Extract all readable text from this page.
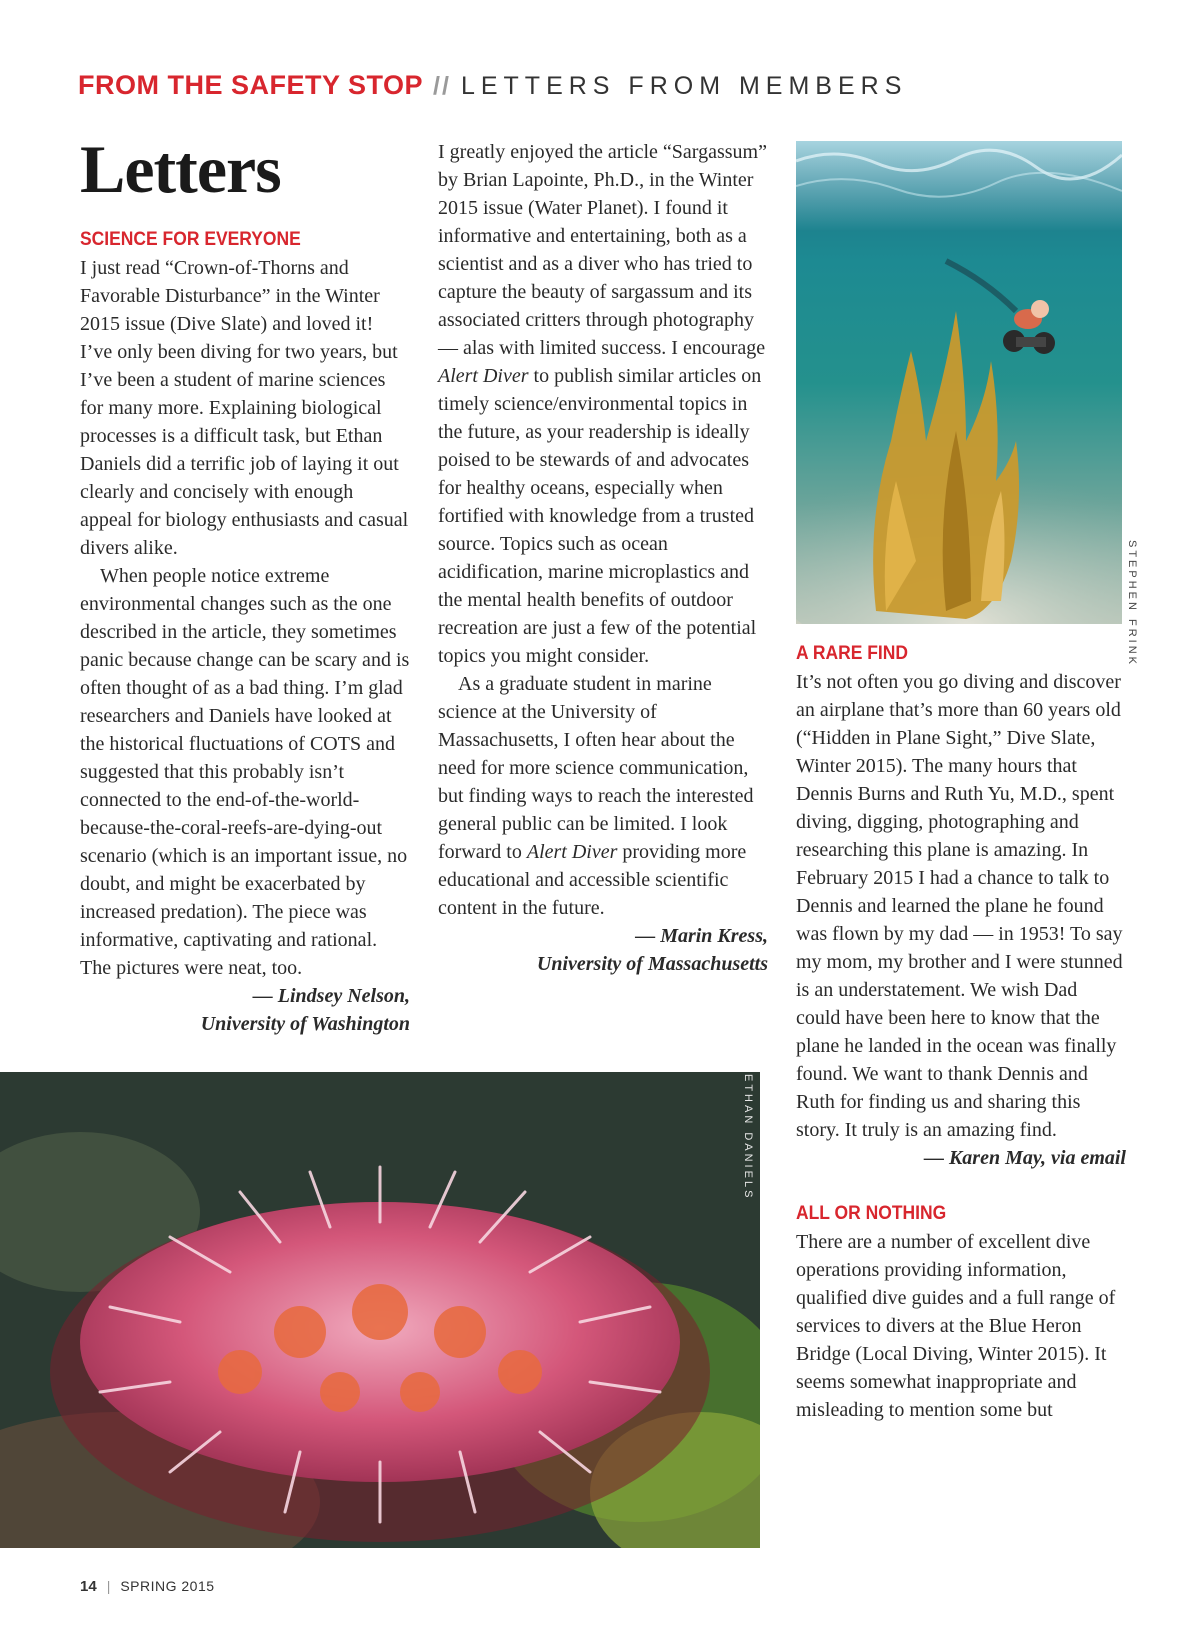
FROM THE SAFETY STOP // LETTERS FROM MEMBERS
Letters
SCIENCE FOR EVERYONE

I just read “Crown-of-Thorns and Favorable Disturbance” in the Winter 2015 issue (Dive Slate) and loved it! I’ve only been diving for two years, but I’ve been a student of marine sciences for many more. Explaining biological processes is a difficult task, but Ethan Daniels did a terrific job of laying it out clearly and concisely with enough appeal for biology enthusiasts and casual divers alike.

When people notice extreme environmental changes such as the one described in the article, they sometimes panic because change can be scary and is often thought of as a bad thing. I’m glad researchers and Daniels have looked at the historical fluctuations of COTS and suggested that this probably isn’t connected to the end-of-the-world-because-the-coral-reefs-are-dying-out scenario (which is an important issue, no doubt, and might be exacerbated by increased predation). The piece was informative, captivating and rational. The pictures were neat, too.

— Lindsey Nelson,

University of Washington

I greatly enjoyed the article “Sargassum” by Brian Lapointe, Ph.D., in the Winter 2015 issue (Water Planet). I found it informative and entertaining, both as a scientist and as a diver who has tried to capture the beauty of sargassum and its associated critters through photography — alas with limited success. I encourage Alert Diver to publish similar articles on timely science/environmental topics in the future, as your readership is ideally poised to be stewards of and advocates for healthy oceans, especially when fortified with knowledge from a trusted source. Topics such as ocean acidification, marine microplastics and the mental health benefits of outdoor recreation are just a few of the potential topics you might consider.

As a graduate student in marine science at the University of Massachusetts, I often hear about the need for more science communication, but finding ways to reach the interested general public can be limited. I look forward to Alert Diver providing more educational and accessible scientific content in the future.

— Marin Kress,

University of Massachusetts

STEPHEN FRINK
A RARE FIND

It’s not often you go diving and discover an airplane that’s more than 60 years old (“Hidden in Plane Sight,” Dive Slate, Winter 2015). The many hours that Dennis Burns and Ruth Yu, M.D., spent diving, digging, photographing and researching this plane is amazing. In February 2015 I had a chance to talk to Dennis and learned the plane he found was flown by my dad — in 1953! To say my mom, my brother and I were stunned is an understatement. We wish Dad could have been here to know that the plane he landed in the ocean was finally found. We want to thank Dennis and Ruth for finding us and sharing this story. It truly is an amazing find.

— Karen May, via email

ALL OR NOTHING

There are a number of excellent dive operations providing information, qualified dive guides and a full range of services to divers at the Blue Heron Bridge (Local Diving, Winter 2015). It seems somewhat inappropriate and misleading to mention some but

ETHAN DANIELS
14 | SPRING 2015
